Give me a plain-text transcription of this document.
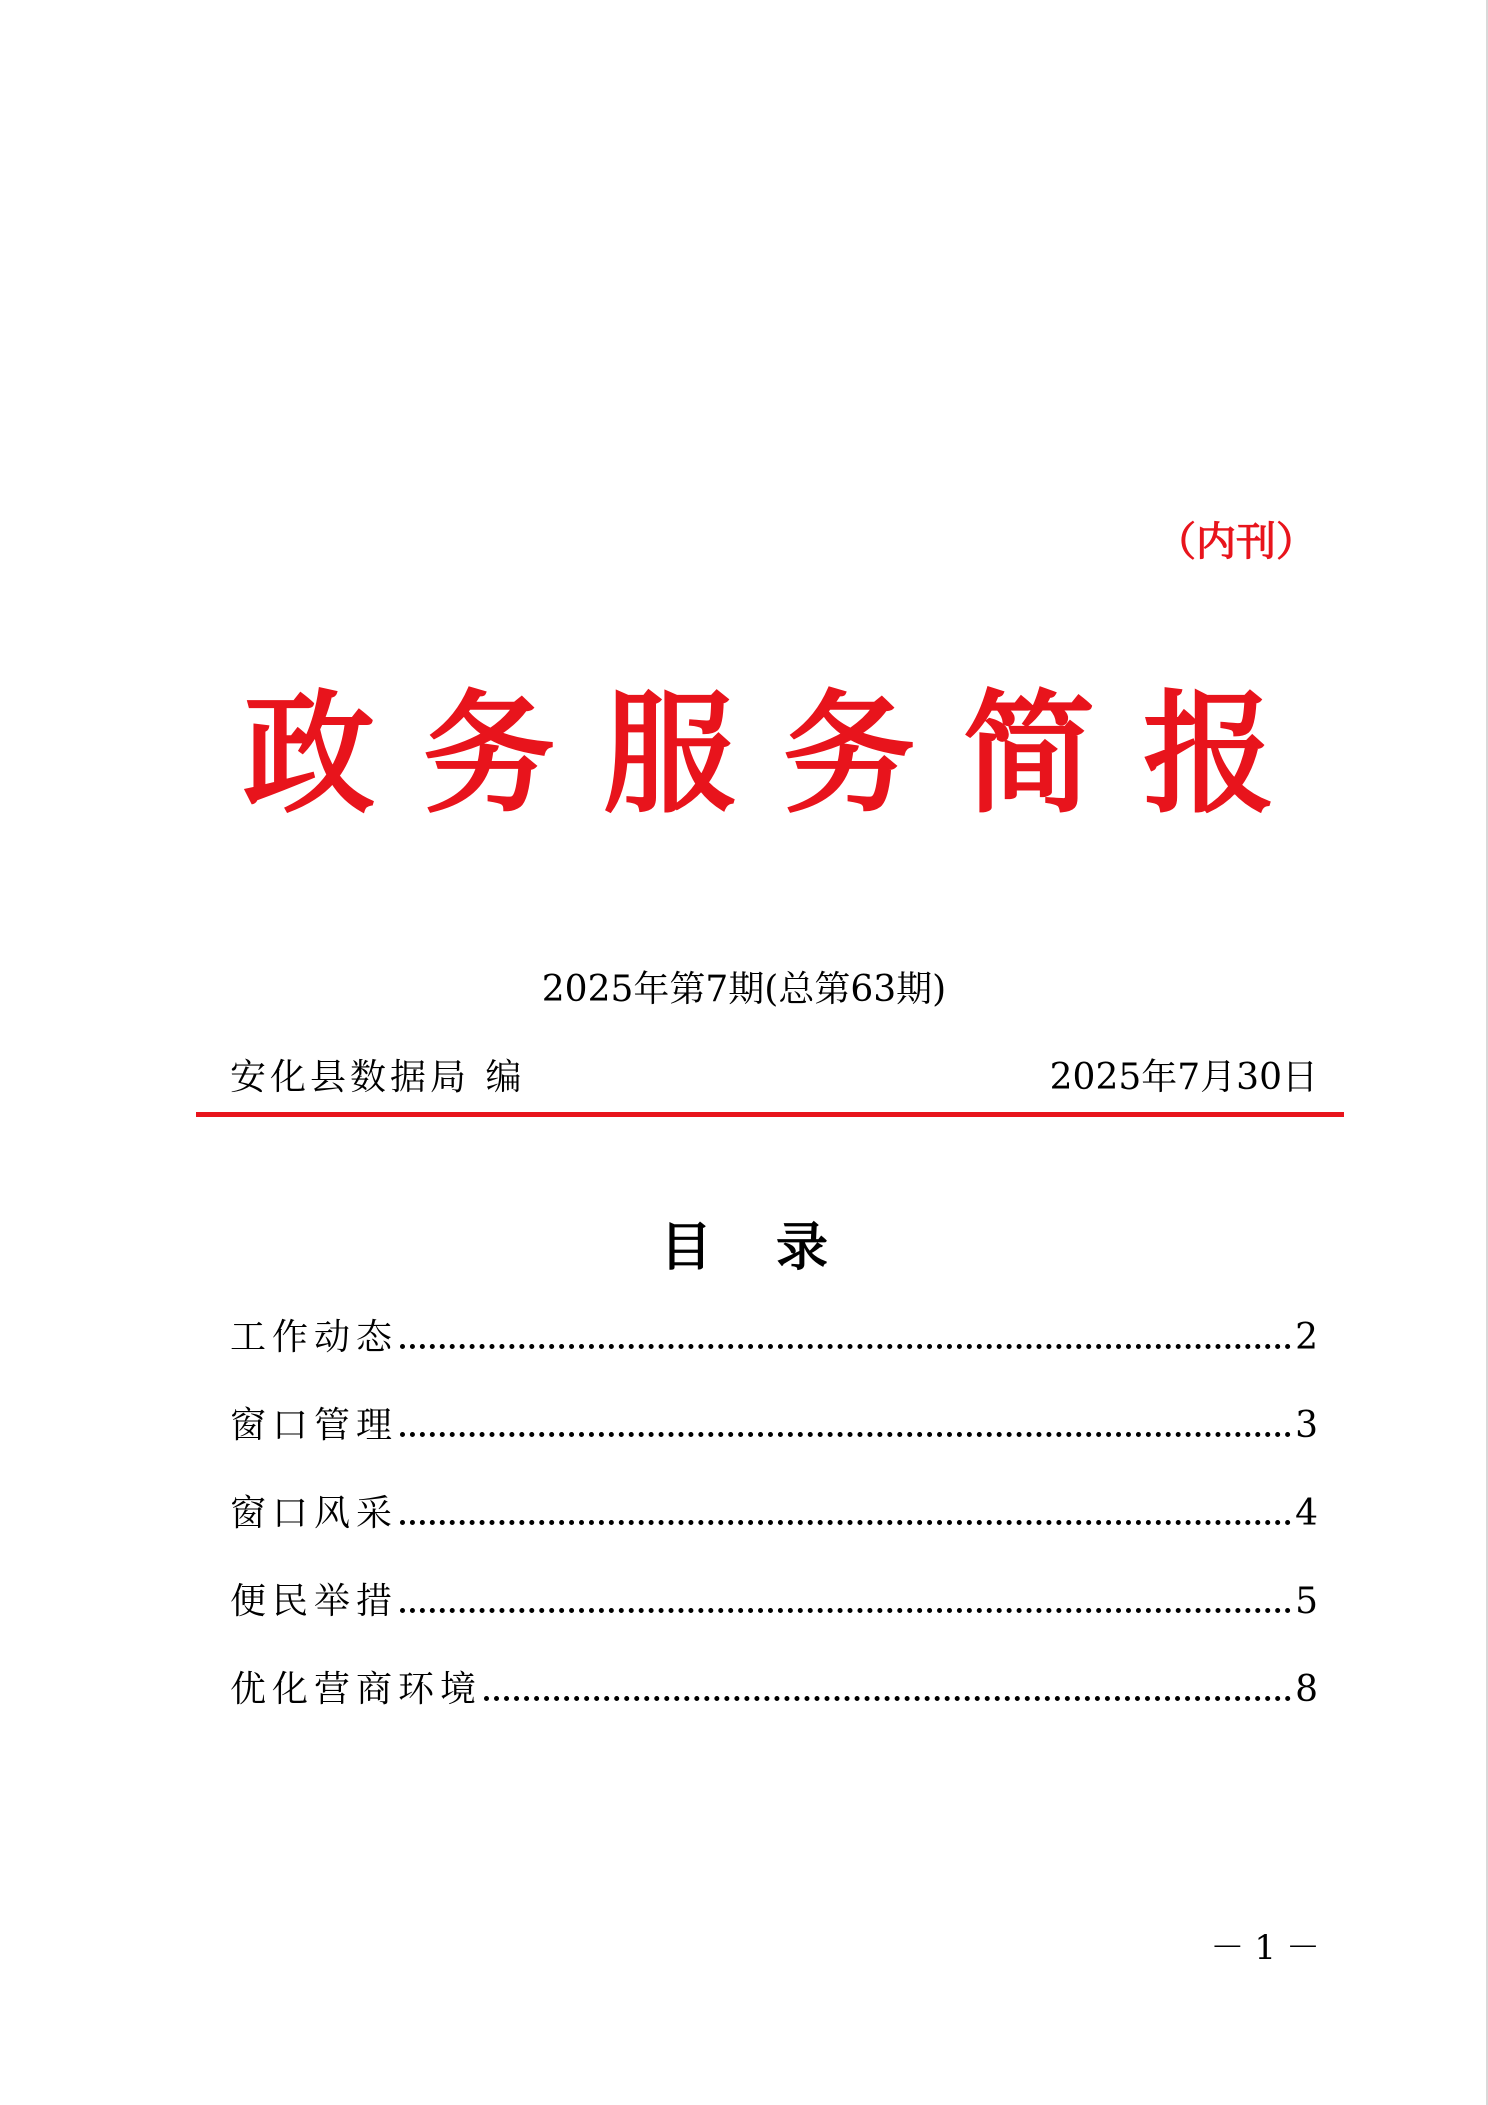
（内刊）
政务服务简报
2025年第7期(总第63期)
安化县数据局 编	2025年7月30日
目录
工作动态	2
窗口管理	3
窗口风采	4
便民举措	5
优化营商环境	8
－1－
